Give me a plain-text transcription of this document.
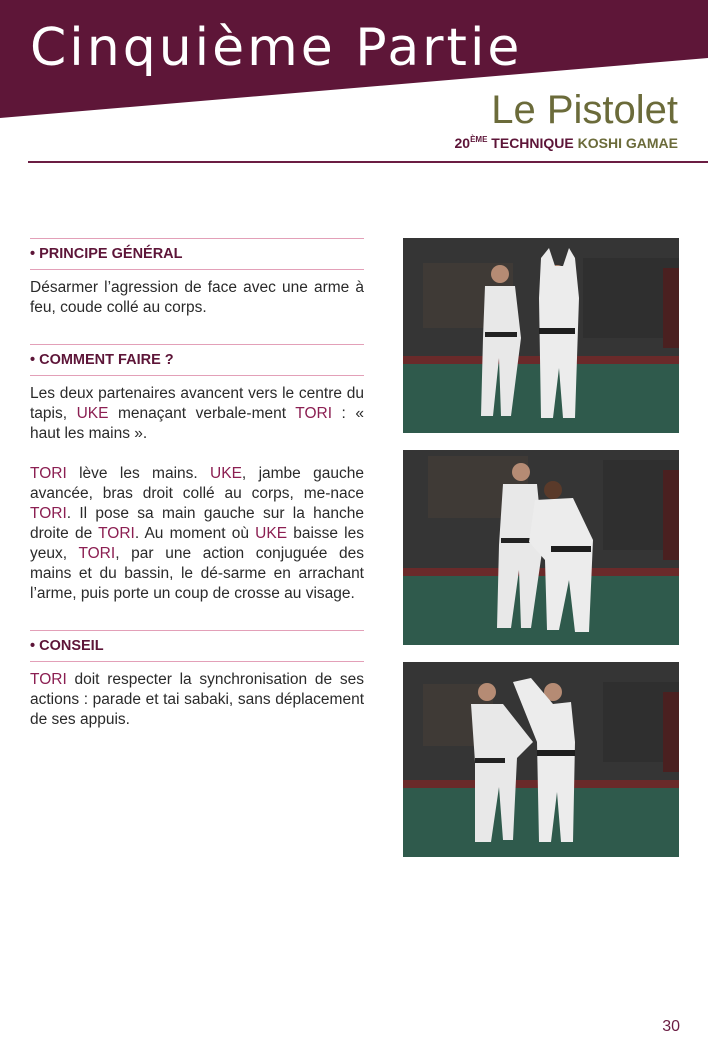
Cinquième Partie
Le Pistolet
20ÈME TECHNIQUE KOSHI GAMAE
• PRINCIPE GÉNÉRAL

Désarmer l’agression de face avec une arme à feu, coude collé au corps.

• COMMENT FAIRE ?

Les deux partenaires avancent vers le centre du tapis, UKE menaçant verbale-ment TORI : « haut les mains ».

TORI lève les mains. UKE, jambe gauche avancée, bras droit collé au corps, me-nace TORI. Il pose sa main gauche sur la hanche droite de TORI. Au moment où UKE baisse les yeux, TORI, par une action conjuguée des mains et du bassin, le dé-sarme en arrachant l’arme, puis porte un coup de crosse au visage.

• CONSEIL

TORI doit respecter la synchronisation de ses actions : parade et tai sabaki, sans déplacement de ses appuis.

30
